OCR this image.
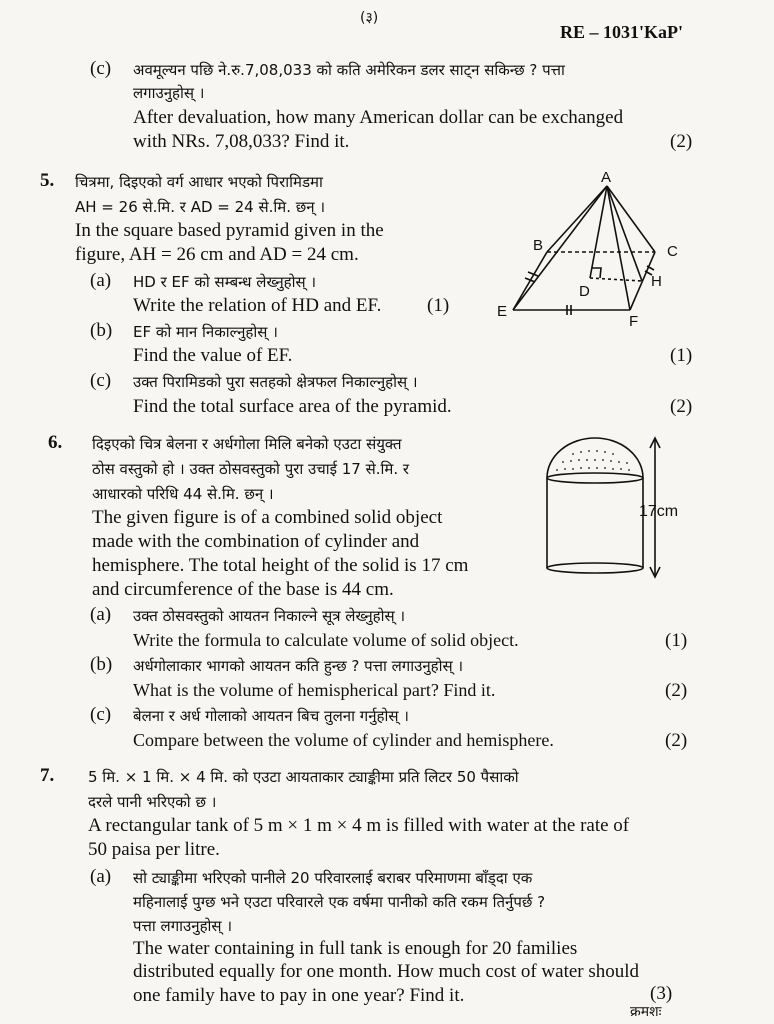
(३)
RE – 1031'KaP'
(c) अवमूल्यन पछि ने.रु.7,08,033 को कति अमेरिकन डलर साट्न सकिन्छ ? पत्ता
लगाउनुहोस् ।
After devaluation, how many American dollar can be exchanged
with NRs. 7,08,033? Find it.	(2)
5. चित्रमा, दिइएको वर्ग आधार भएको पिरामिडमा
AH = 26 से.मि. र AD = 24 से.मि. छन् ।
In the square based pyramid given in the
figure, AH = 26 cm and AD = 24 cm.
(a) HD र EF को सम्बन्ध लेख्नुहोस् ।
Write the relation of HD and EF. (1)
(b) EF को मान निकाल्नुहोस् ।
Find the value of EF.	(1)
(c) उक्त पिरामिडको पुरा सतहको क्षेत्रफल निकाल्नुहोस् ।
Find the total surface area of the pyramid.	(2)
A
B	C
D
E
F
H
6. दिइएको चित्र बेलना र अर्धगोला मिलि बनेको एउटा संयुक्त
ठोस वस्तुको हो । उक्त ठोसवस्तुको पुरा उचाई 17 से.मि. र
आधारको परिधि 44 से.मि. छन् ।
The given figure is of a combined solid object
made with the combination of cylinder and
hemisphere. The total height of the solid is 17 cm
and circumference of the base is 44 cm.
(a) उक्त ठोसवस्तुको आयतन निकाल्ने सूत्र लेख्नुहोस् ।
Write the formula to calculate volume of solid object.	(1)
(b) अर्धगोलाकार भागको आयतन कति हुन्छ ? पत्ता लगाउनुहोस् ।
What is the volume of hemispherical part? Find it.	(2)
(c) बेलना र अर्ध गोलाको आयतन बिच तुलना गर्नुहोस् ।
Compare between the volume of cylinder and hemisphere.	(2)
17cm
7. 5 मि. × 1 मि. × 4 मि. को एउटा आयताकार ट्याङ्कीमा प्रति लिटर 50 पैसाको
दरले पानी भरिएको छ ।
A rectangular tank of 5 m × 1 m × 4 m is filled with water at the rate of
50 paisa per litre.
(a) सो ट्याङ्कीमा भरिएको पानीले 20 परिवारलाई बराबर परिमाणमा बाँड्दा एक
महिनालाई पुग्छ भने एउटा परिवारले एक वर्षमा पानीको कति रकम तिर्नुपर्छ ?
पत्ता लगाउनुहोस् ।
The water containing in full tank is enough for 20 families
distributed equally for one month. How much cost of water should
one family have to pay in one year? Find it.	(3)
क्रमशः
